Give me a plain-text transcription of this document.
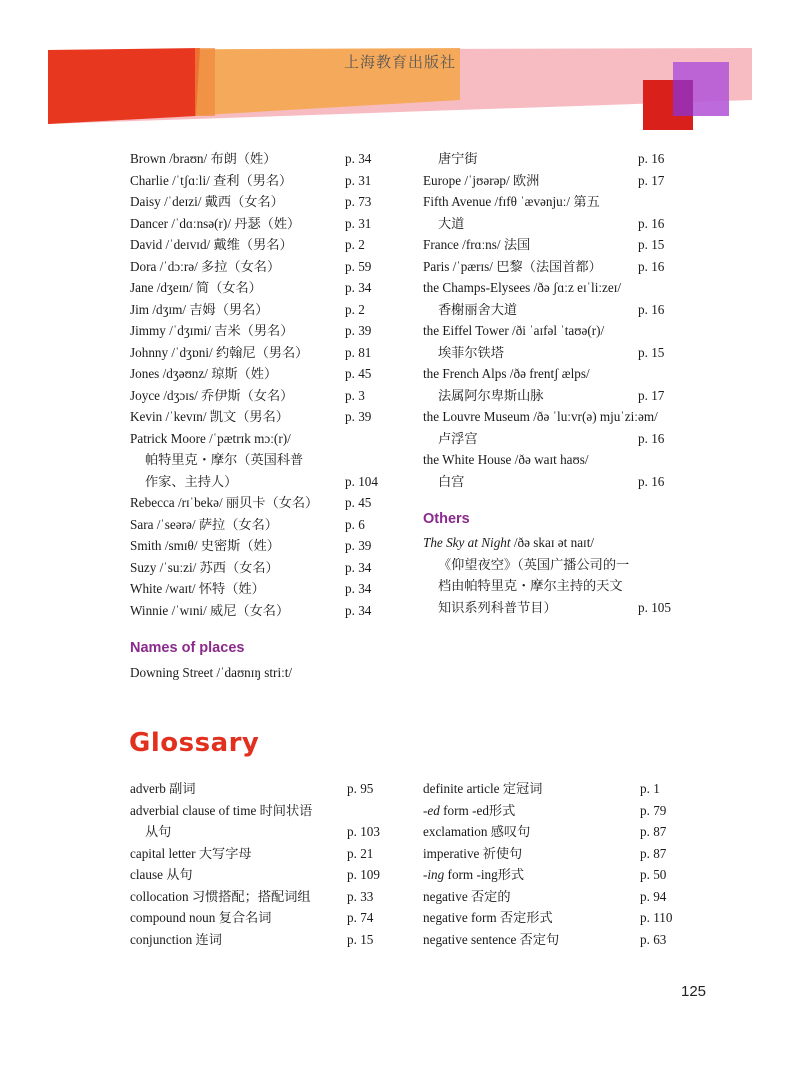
上海教育出版社
Brown /braʊn/ 布朗（姓）	p. 34
Charlie /ˈtʃɑːli/ 查利（男名）	p. 31
Daisy /ˈdeɪzi/ 戴西（女名）	p. 73
Dancer /ˈdɑːnsə(r)/ 丹瑟（姓）	p. 31
David /ˈdeɪvɪd/ 戴维（男名）	p. 2
Dora /ˈdɔːrə/ 多拉（女名）	p. 59
Jane /dʒeɪn/ 简（女名）	p. 34
Jim /dʒɪm/ 吉姆（男名）	p. 2
Jimmy /ˈdʒɪmi/ 吉米（男名）	p. 39
Johnny /ˈdʒɒni/ 约翰尼（男名）	p. 81
Jones /dʒəʊnz/ 琼斯（姓）	p. 45
Joyce /dʒɔɪs/ 乔伊斯（女名）	p. 3
Kevin /ˈkevɪn/ 凯文（男名）	p. 39
Patrick Moore /ˈpætrɪk mɔː(r)/
帕特里克・摩尔（英国科普
作家、主持人）	p. 104
Rebecca /rɪˈbekə/ 丽贝卡（女名） p. 45
Sara /ˈseərə/ 萨拉（女名）	p. 6
Smith /smɪθ/ 史密斯（姓）	p. 39
Suzy /ˈsuːzi/ 苏西（女名）	p. 34
White /waɪt/ 怀特（姓）	p. 34
Winnie /ˈwɪni/ 威尼（女名）	p. 34
Names of places
Downing Street /ˈdaʊnɪŋ striːt/
唐宁街	p. 16
Europe /ˈjʊərəp/ 欧洲	p. 17
Fifth Avenue /fɪfθ ˈævənjuː/ 第五
大道	p. 16
France /frɑːns/ 法国	p. 15
Paris /ˈpærɪs/ 巴黎（法国首都）	p. 16
the Champs-Elysees /ðə ʃɑːz eɪˈliːzeɪ/
香榭丽舍大道	p. 16
the Eiffel Tower /ði ˈaɪfəl ˈtaʊə(r)/
埃菲尔铁塔	p. 15
the French Alps /ðə frentʃ ælps/
法属阿尔卑斯山脉	p. 17
the Louvre Museum /ðə ˈluːvr(ə) mjuˈziːəm/
卢浮宫	p. 16
the White House /ðə waɪt haʊs/
白宫	p. 16
Others
The Sky at Night /ðə skaɪ ət naɪt/
《仰望夜空》（英国广播公司的一
档由帕特里克・摩尔主持的天文
知识系列科普节目）	p. 105
Glossary
adverb 副词	p. 95
adverbial clause of time 时间状语
从句	p. 103
capital letter 大写字母	p. 21
clause 从句	p. 109
collocation 习惯搭配；搭配词组	p. 33
compound noun 复合名词	p. 74
conjunction 连词	p. 15
definite article 定冠词	p. 1
-ed form -ed形式	p. 79
exclamation 感叹句	p. 87
imperative 祈使句	p. 87
-ing form -ing形式	p. 50
negative 否定的	p. 94
negative form 否定形式	p. 110
negative sentence 否定句	p. 63
125
